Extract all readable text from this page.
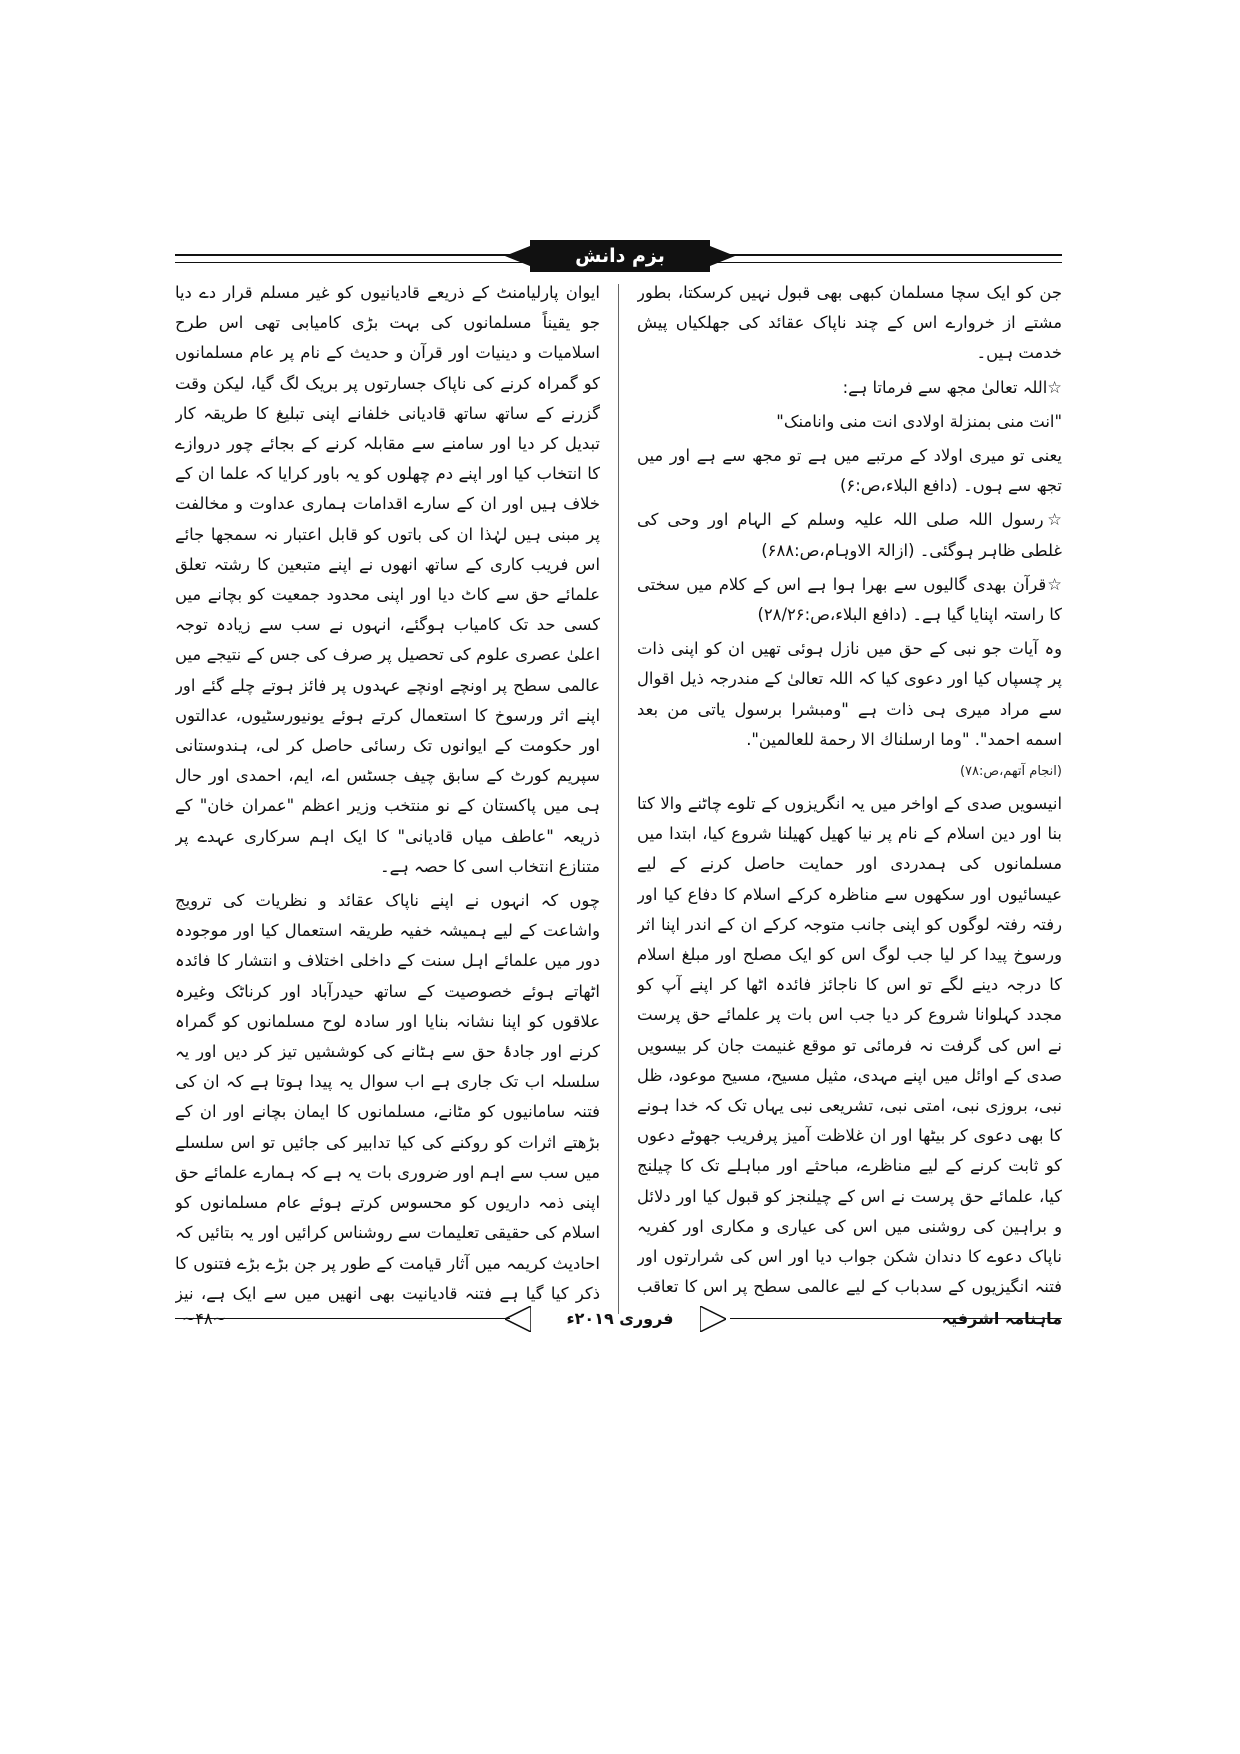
بزم دانش

جن کو ایک سچا مسلمان کبھی بھی قبول نہیں کرسکتا، بطور مشتے از خروارے اس کے چند ناپاک عقائد کی جھلکیاں پیش خدمت ہیں۔

☆اللہ تعالیٰ مجھ سے فرماتا ہے:

"انت منی بمنزلة اولادی انت منی وانامنک"

یعنی تو میری اولاد کے مرتبے میں ہے تو مجھ سے ہے اور میں تجھ سے ہوں۔ (دافع البلاء،ص:۶)

☆رسول اللہ صلی اللہ علیہ وسلم کے الہام اور وحی کی غلطی ظاہر ہوگئی۔ (ازالۃ الاوہام،ص:۶۸۸)

☆قرآن بھدی گالیوں سے بھرا ہوا ہے اس کے کلام میں سختی کا راستہ اپنایا گیا ہے۔ (دافع البلاء،ص:۲۸/۲۶)

وہ آیات جو نبی کے حق میں نازل ہوئی تھیں ان کو اپنی ذات پر چسپاں کیا اور دعوی کیا کہ اللہ تعالیٰ کے مندرجہ ذیل اقوال سے مراد میری ہی ذات ہے "ومبشرا برسول یاتی من بعد اسمه احمد". "وما ارسلناك الا رحمة للعالمين".

(انجام آتھم،ص:۷۸)

انیسویں صدی کے اواخر میں یہ انگریزوں کے تلوے چاٹنے والا کتا بنا اور دین اسلام کے نام پر نیا کھیل کھیلنا شروع کیا، ابتدا میں مسلمانوں کی ہمدردی اور حمایت حاصل کرنے کے لیے عیسائیوں اور سکھوں سے مناظرہ کرکے اسلام کا دفاع کیا اور رفتہ رفتہ لوگوں کو اپنی جانب متوجہ کرکے ان کے اندر اپنا اثر ورسوخ پیدا کر لیا جب لوگ اس کو ایک مصلح اور مبلغ اسلام کا درجہ دینے لگے تو اس کا ناجائز فائدہ اٹھا کر اپنے آپ کو مجدد کہلوانا شروع کر دیا جب اس بات پر علمائے حق پرست نے اس کی گرفت نہ فرمائی تو موقع غنیمت جان کر بیسویں صدی کے اوائل میں اپنے مہدی، مثیل مسیح، مسیح موعود، ظل نبی، بروزی نبی، امتی نبی، تشریعی نبی یہاں تک کہ خدا ہونے کا بھی دعوی کر بیٹھا اور ان غلاظت آمیز پرفریب جھوٹے دعوں کو ثابت کرنے کے لیے مناظرے، مباحثے اور مباہلے تک کا چیلنج کیا، علمائے حق پرست نے اس کے چیلنجز کو قبول کیا اور دلائل و براہین کی روشنی میں اس کی عیاری و مکاری اور کفریہ ناپاک دعوے کا دندان شکن جواب دیا اور اس کی شرارتوں اور فتنہ انگیزیوں کے سدباب کے لیے عالمی سطح پر اس کا تعاقب

ایوان پارلیامنٹ کے ذریعے قادیانیوں کو غیر مسلم قرار دے دیا جو یقیناً مسلمانوں کی بہت بڑی کامیابی تھی اس طرح اسلامیات و دینیات اور قرآن و حدیث کے نام پر عام مسلمانوں کو گمراہ کرنے کی ناپاک جسارتوں پر بریک لگ گیا، لیکن وقت گزرنے کے ساتھ ساتھ قادیانی خلفانے اپنی تبلیغ کا طریقہ کار تبدیل کر دیا اور سامنے سے مقابلہ کرنے کے بجائے چور دروازے کا انتخاب کیا اور اپنے دم چھلوں کو یہ باور کرایا کہ علما ان کے خلاف ہیں اور ان کے سارے اقدامات ہماری عداوت و مخالفت پر مبنی ہیں لہٰذا ان کی باتوں کو قابل اعتبار نہ سمجھا جائے اس فریب کاری کے ساتھ انھوں نے اپنے متبعین کا رشتہ تعلق علمائے حق سے کاٹ دیا اور اپنی محدود جمعیت کو بچانے میں کسی حد تک کامیاب ہوگئے، انہوں نے سب سے زیادہ توجہ اعلیٰ عصری علوم کی تحصیل پر صرف کی جس کے نتیجے میں عالمی سطح پر اونچے اونچے عہدوں پر فائز ہوتے چلے گئے اور اپنے اثر ورسوخ کا استعمال کرتے ہوئے یونیورسٹیوں، عدالتوں اور حکومت کے ایوانوں تک رسائی حاصل کر لی، ہندوستانی سپریم کورٹ کے سابق چیف جسٹس اے، ایم، احمدی اور حال ہی میں پاکستان کے نو منتخب وزیر اعظم "عمران خان" کے ذریعہ "عاطف میاں قادیانی" کا ایک اہم سرکاری عہدے پر متنازع انتخاب اسی کا حصہ ہے۔

چوں کہ انہوں نے اپنے ناپاک عقائد و نظریات کی ترویج واشاعت کے لیے ہمیشہ خفیہ طریقہ استعمال کیا اور موجودہ دور میں علمائے اہل سنت کے داخلی اختلاف و انتشار کا فائدہ اٹھاتے ہوئے خصوصیت کے ساتھ حیدرآباد اور کرناٹک وغیرہ علاقوں کو اپنا نشانہ بنایا اور سادہ لوح مسلمانوں کو گمراہ کرنے اور جادۂ حق سے ہٹانے کی کوششیں تیز کر دیں اور یہ سلسلہ اب تک جاری ہے اب سوال یہ پیدا ہوتا ہے کہ ان کی فتنہ سامانیوں کو مٹانے، مسلمانوں کا ایمان بچانے اور ان کے بڑھتے اثرات کو روکنے کی کیا تدابیر کی جائیں تو اس سلسلے میں سب سے اہم اور ضروری بات یہ ہے کہ ہمارے علمائے حق اپنی ذمہ داریوں کو محسوس کرتے ہوئے عام مسلمانوں کو اسلام کی حقیقی تعلیمات سے روشناس کرائیں اور یہ بتائیں کہ احادیث کریمہ میں آثار قیامت کے طور پر جن بڑے بڑے فتنوں کا ذکر کیا گیا ہے فتنہ قادیانیت بھی انھیں میں سے ایک ہے، نیز

ماہنامہ اشرفیہ
فروری ۲۰۱۹ء
~۴۸~
